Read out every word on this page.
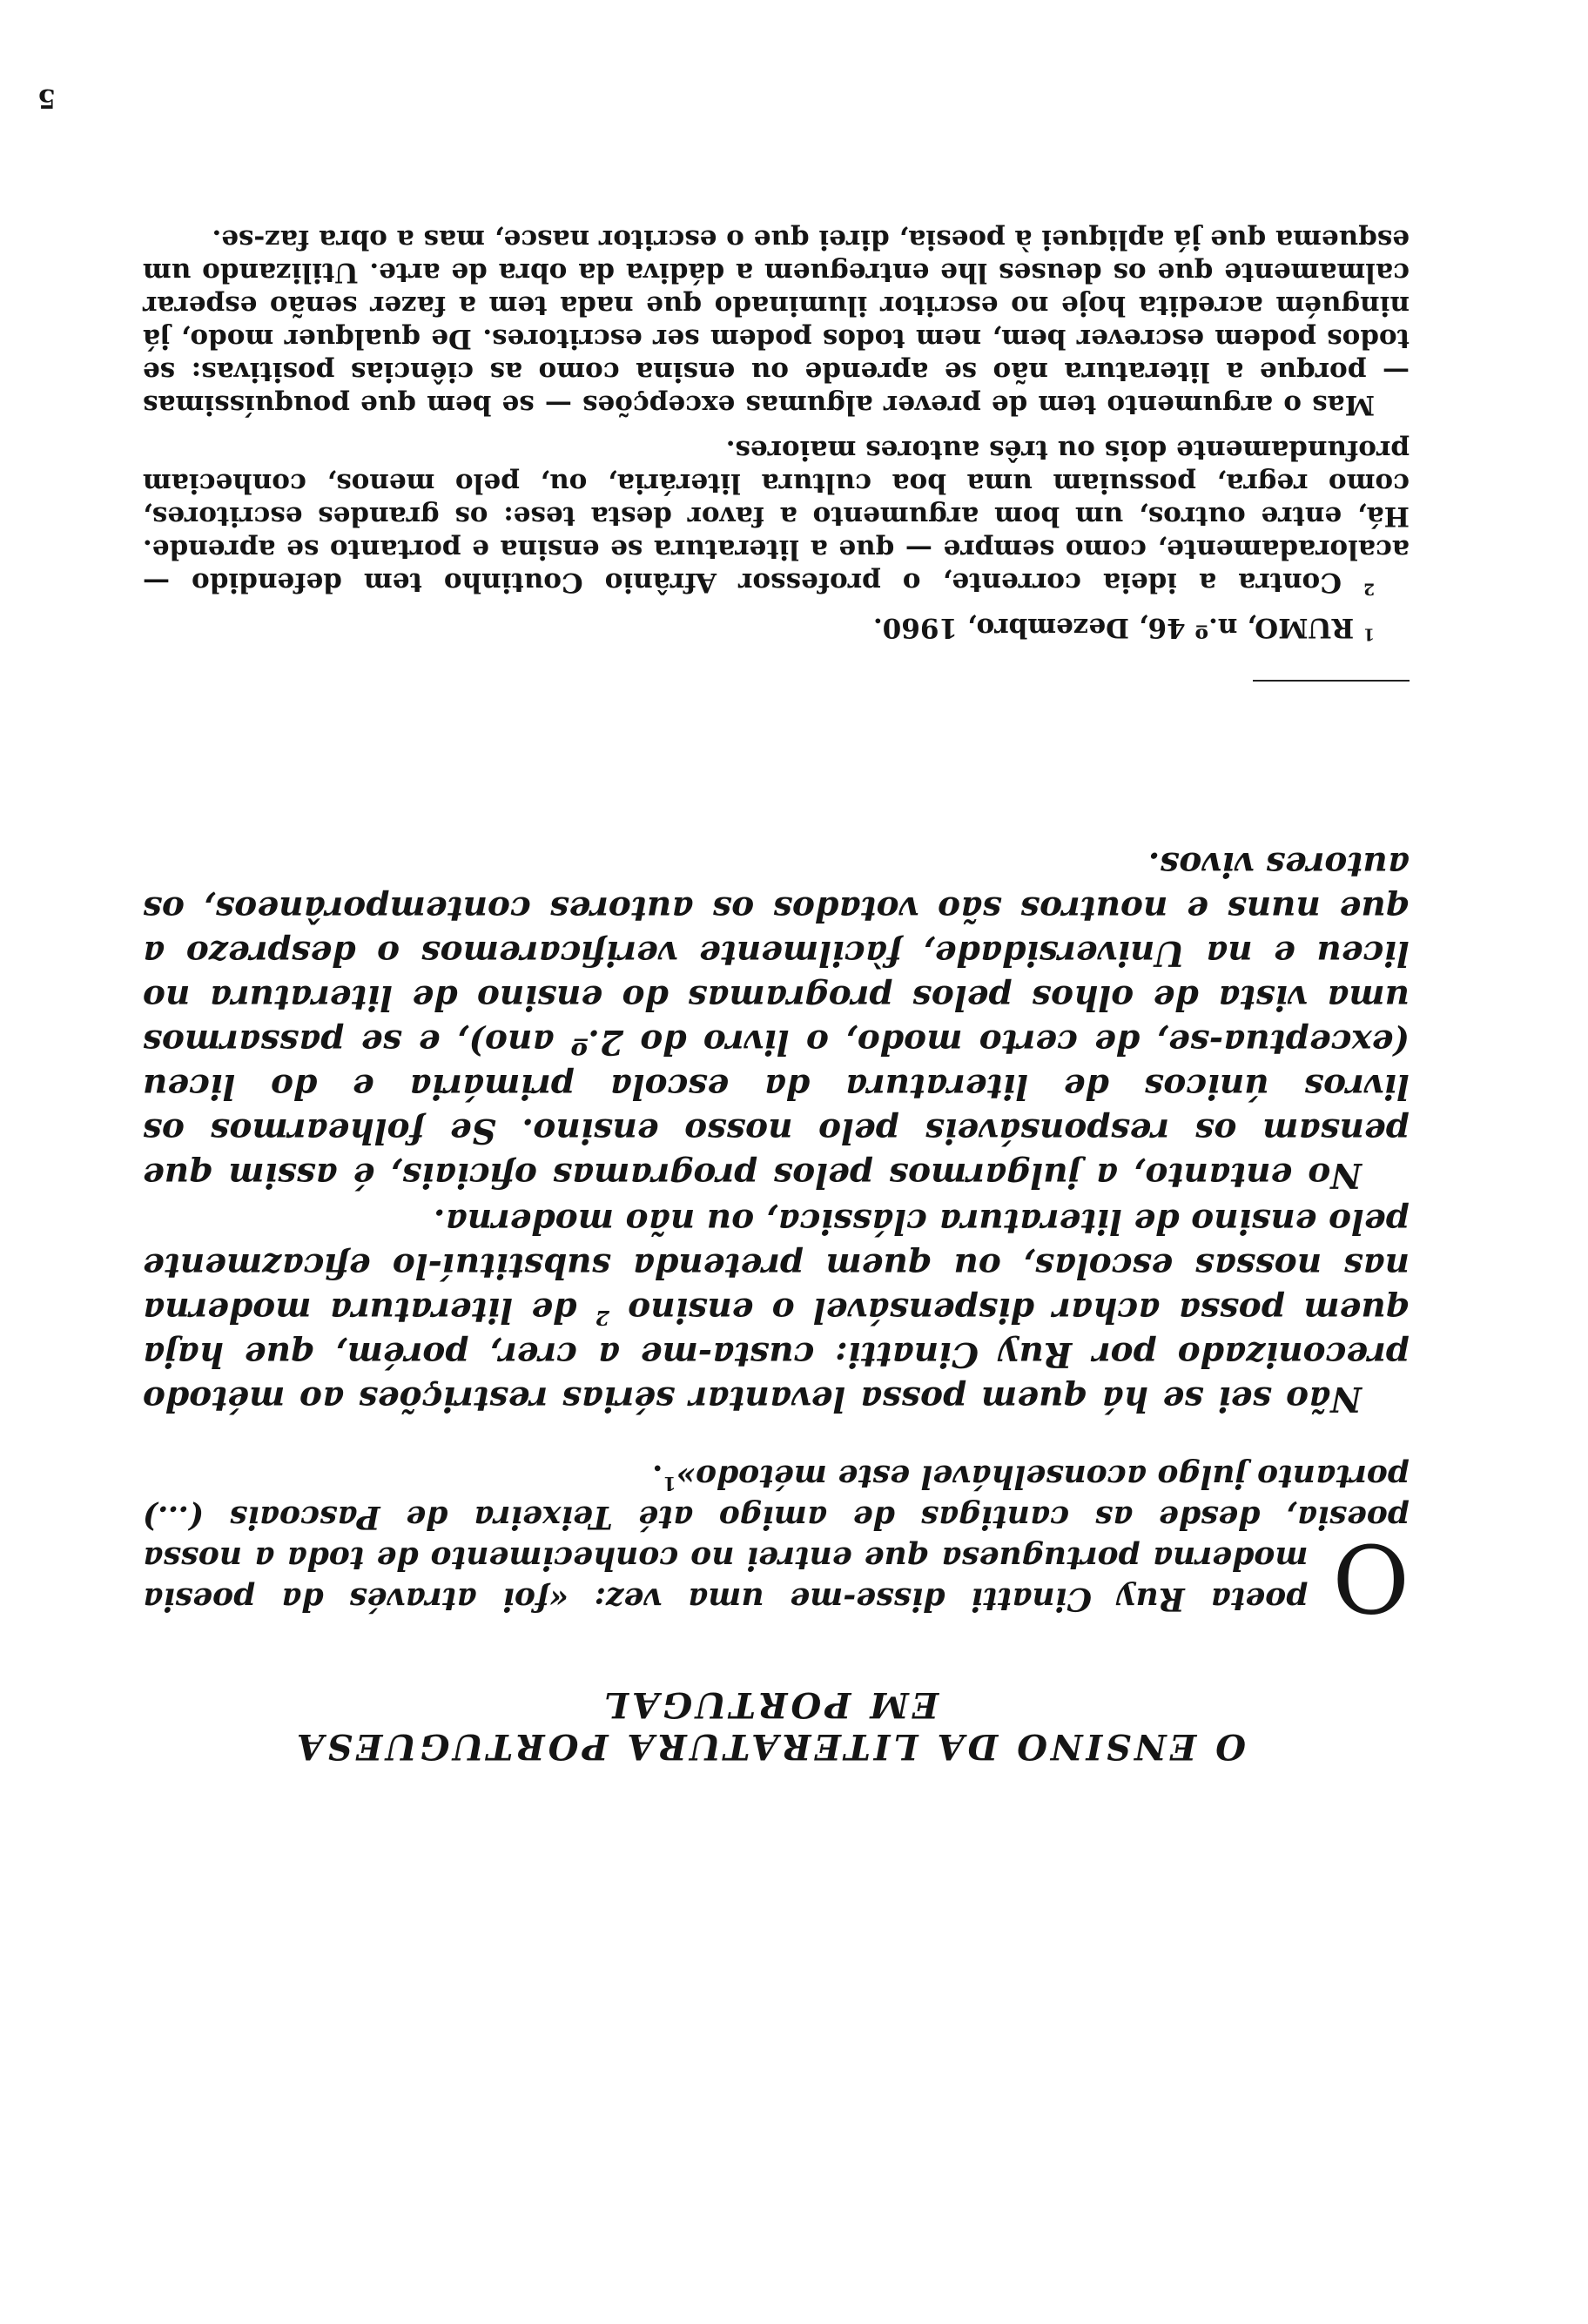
5

O ENSINO DA LITERATURA PORTUGUESA
EM PORTUGAL

O
poeta Ruy Cinatti disse-me uma vez: «foi através da poesia moderna portuguesa que entrei no conhecimento de toda a nossa poesia, desde as cantigas de amigo até Teixeira de Pascoais (…) portanto julgo aconselhável este método»$^1$.

Não sei se há quem possa levantar sérias restrições ao método preconizado por Ruy Cinatti: custa-me a crer, porém, que haja quem possa achar dispensável o ensino $^2$ de literatura moderna nas nossas escolas, ou quem pretenda substituí-lo eficazmente pelo ensino de literatura clássica, ou não moderna.

No entanto, a julgarmos pelos programas oficiais, é assim que pensam os responsáveis pelo nosso ensino. Se folhearmos os livros únicos de literatura da escola primária e do liceu (exceptua-se, de certo modo, o livro do 2.º ano), e se passarmos uma vista de olhos pelos programas do ensino de literatura no liceu e na Universidade, fàcilmente verificaremos o desprezo a que nuns e noutros são votados os autores contemporâneos, os autores vivos.

$^1$ RUMO, n.º 46, Dezembro, 1960.

$^2$ Contra a ideia corrente, o professor Afrânio Coutinho tem defendido — acaloradamente, como sempre — que a literatura se ensina e portanto se aprende. Há, entre outros, um bom argumento a favor desta tese: os grandes escritores, como regra, possuiam uma boa cultura literária, ou, pelo menos, conheciam profundamente dois ou três autores maiores.

Mas o argumento tem de prever algumas excepções — se bem que pouquíssimas — porque a literatura não se aprende ou ensina como as ciências positivas: se todos podem escrever bem, nem todos podem ser escritores. De qualquer modo, já ninguém acredita hoje no escritor iluminado que nada tem a fazer senão esperar calmamente que os deuses lhe entreguem a dádiva da obra de arte. Utilizando um esquema que já apliquei à poesia, direi que o escritor nasce, mas a obra faz-se.
